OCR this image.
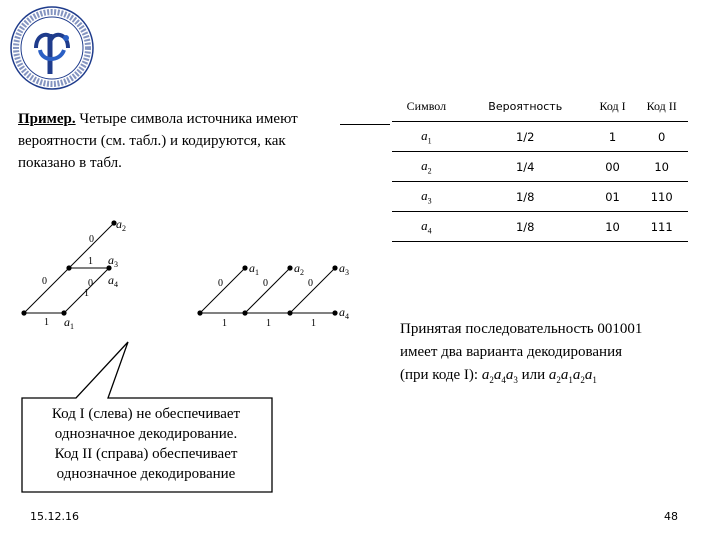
Пример. Четыре символа источника имеют вероятности (см. табл.) и кодируются, как показано в табл.
Символ	Вероятность	Код I	Код II
$a_1$	1/2	1	0
$a_2$	1/4	00	10
$a_3$	1/8	01	110
$a_4$	1/8	10	111
$a_2$
$a_3$
$a_4$
$a_1$
0
1
0
0
1
1
$a_1$	$a_2$	$a_3$
$a_4$
0	0	0
1	1	1	Принятая последовательность 001001
имеет два варианта декодирования
(при коде I): $a_2a_4a_3$ или $a_2a_1a_2a_1$
Код I (слева) не обеспечивает
однозначное декодирование.
Код II (справа) обеспечивает
однозначное декодирование
15.12.16	48
